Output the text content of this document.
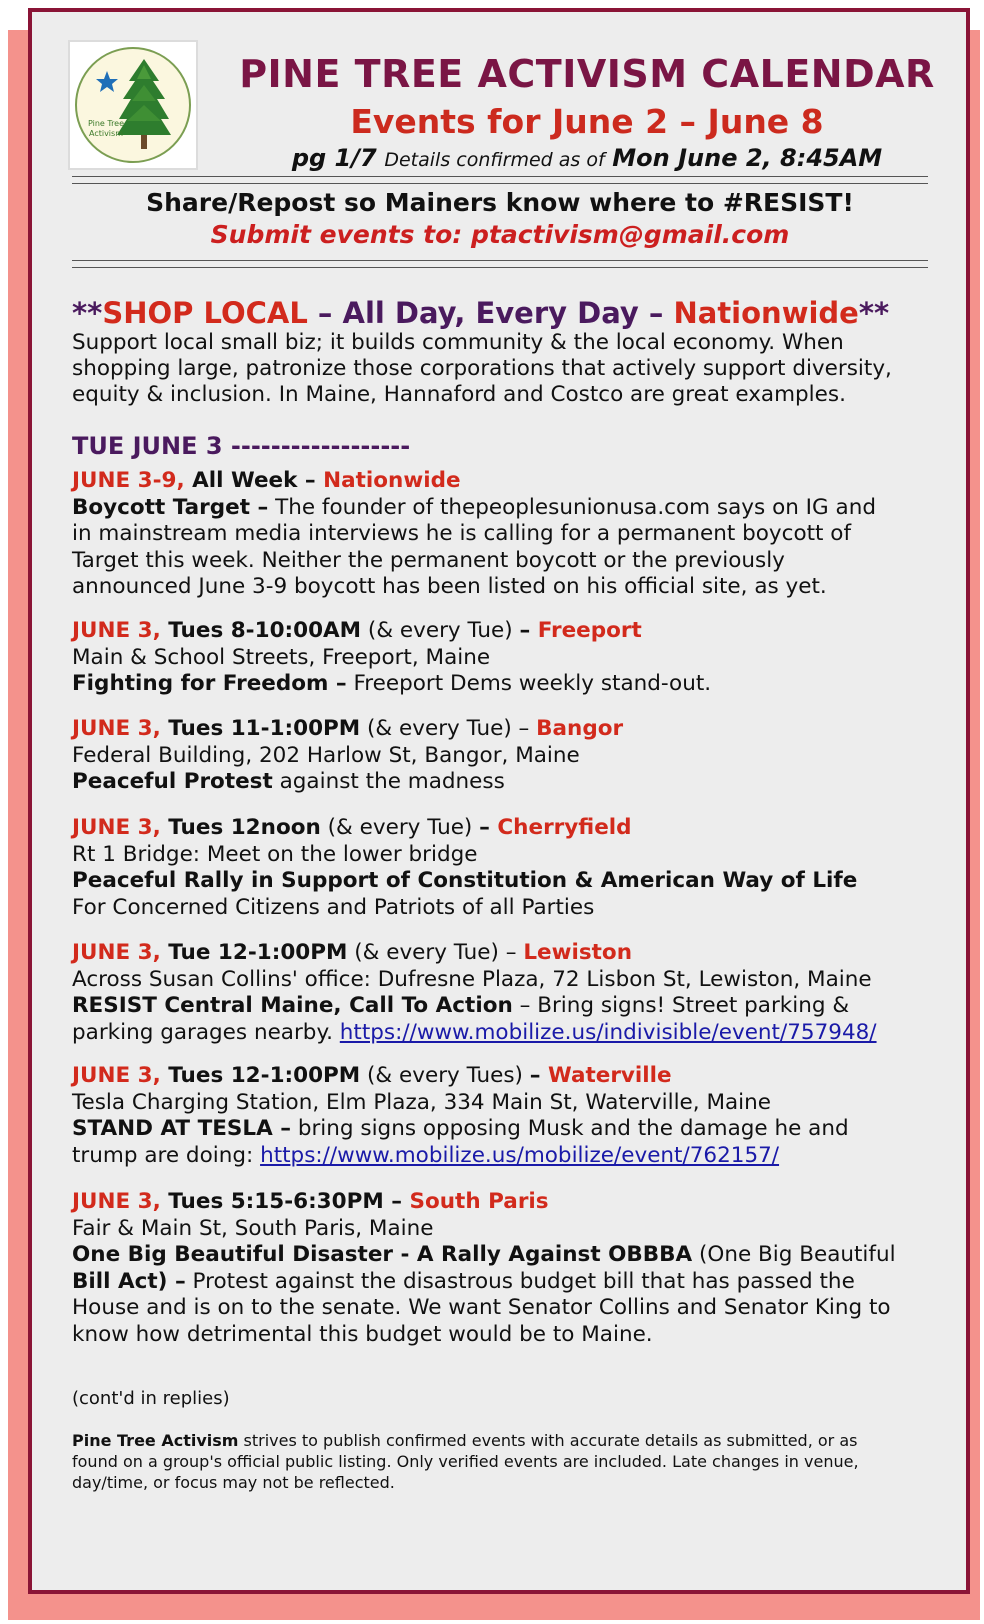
Pine Tree Activism
PINE TREE ACTIVISM CALENDAR
Events for June 2 – June 8
pg 1/7 Details confirmed as of Mon June 2, 8:45AM
Share/Repost so Mainers know where to #RESIST!
Submit events to: ptactivism@gmail.com
**SHOP LOCAL – All Day, Every Day – Nationwide**
Support local small biz; it builds community & the local economy. When
shopping large, patronize those corporations that actively support diversity,
equity & inclusion. In Maine, Hannaford and Costco are great examples.
TUE JUNE 3 ------------------
JUNE 3-9, All Week – Nationwide
Boycott Target – The founder of thepeoplesunionusa.com says on IG and
in mainstream media interviews he is calling for a permanent boycott of
Target this week. Neither the permanent boycott or the previously
announced June 3-9 boycott has been listed on his official site, as yet.
JUNE 3, Tues 8-10:00AM (& every Tue) – Freeport
Main & School Streets, Freeport, Maine
Fighting for Freedom – Freeport Dems weekly stand-out.
JUNE 3, Tues 11-1:00PM (& every Tue) – Bangor
Federal Building, 202 Harlow St, Bangor, Maine
Peaceful Protest against the madness
JUNE 3, Tues 12noon (& every Tue) – Cherryfield
Rt 1 Bridge: Meet on the lower bridge
Peaceful Rally in Support of Constitution & American Way of Life
For Concerned Citizens and Patriots of all Parties
JUNE 3, Tue 12-1:00PM (& every Tue) – Lewiston
Across Susan Collins' office: Dufresne Plaza, 72 Lisbon St, Lewiston, Maine
RESIST Central Maine, Call To Action – Bring signs! Street parking &
parking garages nearby. https://www.mobilize.us/indivisible/event/757948/
JUNE 3, Tues 12-1:00PM (& every Tues) – Waterville
Tesla Charging Station, Elm Plaza, 334 Main St, Waterville, Maine
STAND AT TESLA – bring signs opposing Musk and the damage he and
trump are doing: https://www.mobilize.us/mobilize/event/762157/
JUNE 3, Tues 5:15-6:30PM – South Paris
Fair & Main St, South Paris, Maine
One Big Beautiful Disaster - A Rally Against OBBBA (One Big Beautiful
Bill Act) – Protest against the disastrous budget bill that has passed the
House and is on to the senate. We want Senator Collins and Senator King to
know how detrimental this budget would be to Maine.
(cont'd in replies)
Pine Tree Activism strives to publish confirmed events with accurate details as submitted, or as found on a group's official public listing. Only verified events are included. Late changes in venue, day/time, or focus may not be reflected.
